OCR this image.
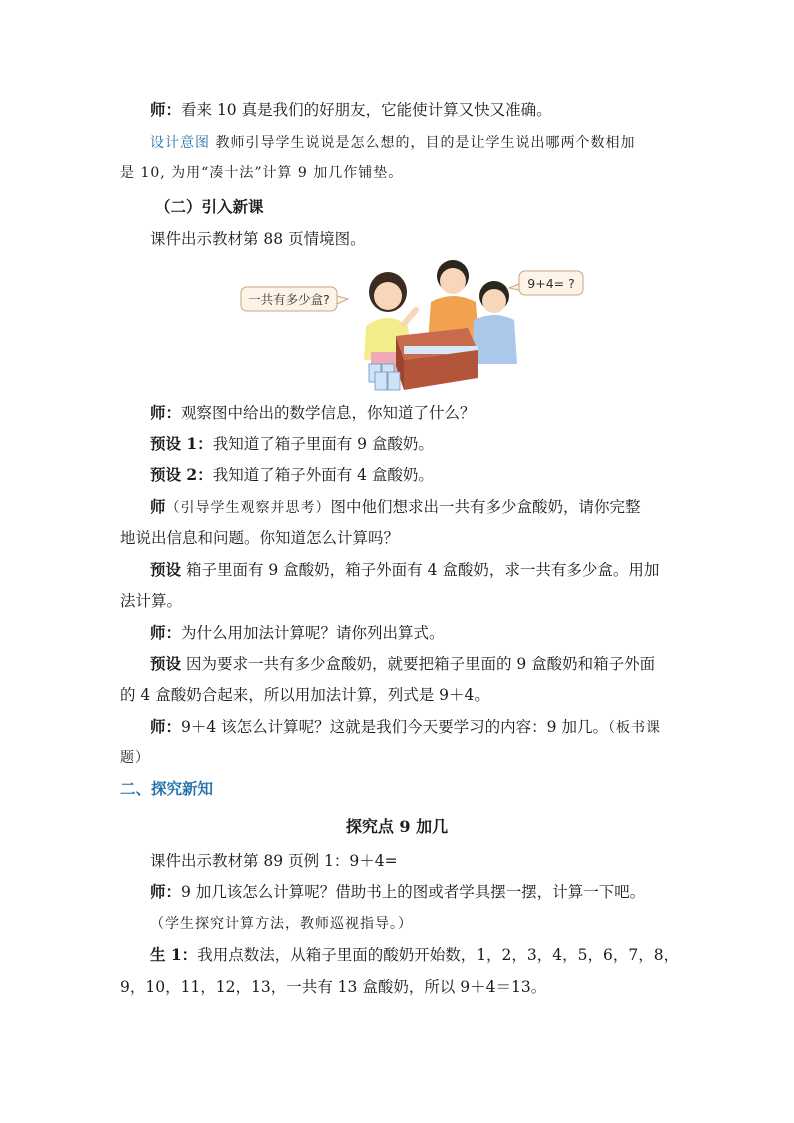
师：看来 10 真是我们的好朋友，它能使计算又快又准确。
设计意图 教师引导学生说说是怎么想的，目的是让学生说出哪两个数相加
是 10, 为用“凑十法”计算 9 加几作铺垫。
（二）引入新课
课件出示教材第 88 页情境图。
一共有多少盒?
9+4= ?
师：观察图中给出的数学信息，你知道了什么？
预设 1：我知道了箱子里面有 9 盒酸奶。
预设 2：我知道了箱子外面有 4 盒酸奶。
师（引导学生观察并思考）图中他们想求出一共有多少盒酸奶，请你完整
地说出信息和问题。你知道怎么计算吗？
预设 箱子里面有 9 盒酸奶，箱子外面有 4 盒酸奶，求一共有多少盒。用加
法计算。
师：为什么用加法计算呢？请你列出算式。
预设 因为要求一共有多少盒酸奶，就要把箱子里面的 9 盒酸奶和箱子外面
的 4 盒酸奶合起来，所以用加法计算，列式是 9＋4。
师：9＋4 该怎么计算呢？这就是我们今天要学习的内容：9 加几。（板书课
题）
二、探究新知
探究点 9 加几
课件出示教材第 89 页例 1：9＋4=
师：9 加几该怎么计算呢？借助书上的图或者学具摆一摆，计算一下吧。
（学生探究计算方法，教师巡视指导。）
生 1：我用点数法，从箱子里面的酸奶开始数，1，2，3，4，5，6，7，8，
9，10，11，12，13，一共有 13 盒酸奶，所以 9＋4＝13。
